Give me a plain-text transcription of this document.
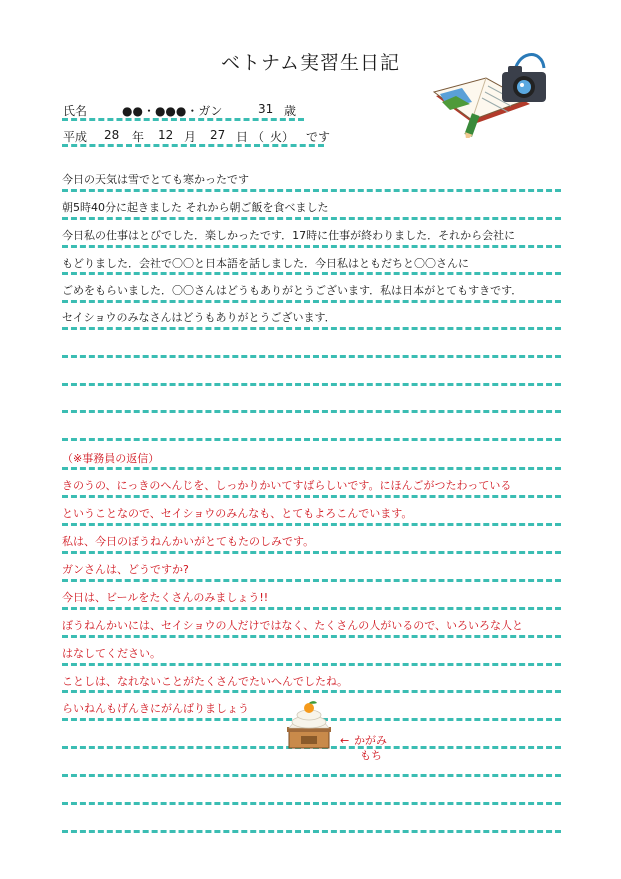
ベトナム実習生日記
氏名	●●・●●●・ガン	31 歳
平成 28 年 12 月 27 日 （ 火 ） です
今日の天気は雪でとても寒かったです
朝5時40分に起きました それから朝ご飯を食べました
今日私の仕事はとびでした．楽しかったです．17時に仕事が終わりました．それから会社に
もどりました．会社で〇〇と日本語を話しました．今日私はともだちと〇〇さんに
ごめをもらいました．〇〇さんはどうもありがとうございます．私は日本がとてもすきです．
セイショウのみなさんはどうもありがとうございます．
（※事務員の返信）
きのうの、にっきのへんじを、しっかりかいてすばらしいです。にほんごがつたわっている
ということなので、セイショウのみんなも、とてもよろこんでいます。
私は、今日のぼうねんかいがとてもたのしみです。
ガンさんは、どうですか?
今日は、ビールをたくさんのみましょう!!
ぼうねんかいには、セイショウの人だけではなく、たくさんの人がいるので、いろいろな人と
はなしてください。
ことしは、なれないことがたくさんでたいへんでしたね。
らいねんもげんきにがんばりましょう
← かがみ
もち
